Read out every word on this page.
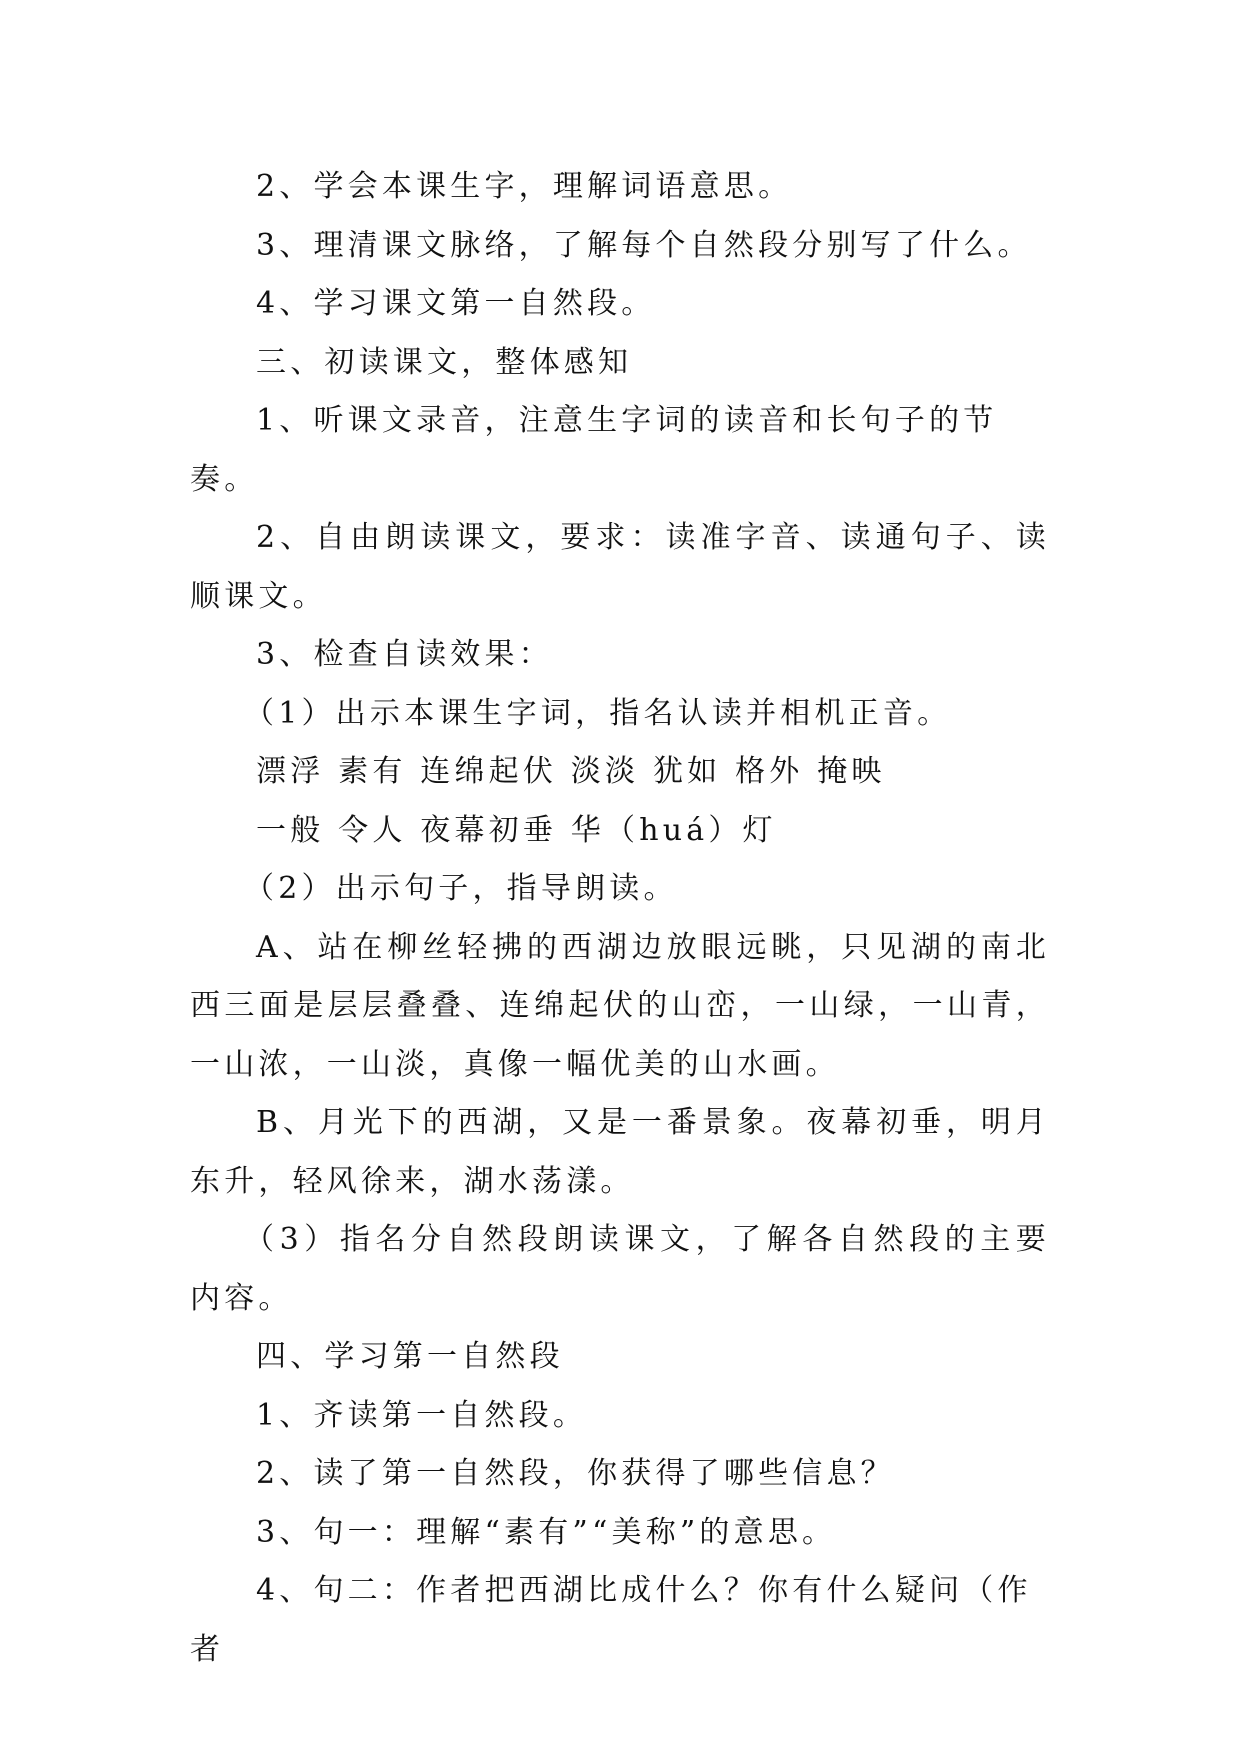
2、学会本课生字，理解词语意思。

3、理清课文脉络，了解每个自然段分别写了什么。

4、学习课文第一自然段。

三、初读课文，整体感知

1、听课文录音，注意生字词的读音和长句子的节奏。

2、自由朗读课文，要求：读准字音、读通句子、读顺课文。

3、检查自读效果：

（1）出示本课生字词，指名认读并相机正音。

漂浮 素有 连绵起伏 淡淡 犹如 格外 掩映

一般 令人 夜幕初垂 华（huá）灯

（2）出示句子，指导朗读。

A、站在柳丝轻拂的西湖边放眼远眺，只见湖的南北西三面是层层叠叠、连绵起伏的山峦，一山绿，一山青，一山浓，一山淡，真像一幅优美的山水画。

B、月光下的西湖，又是一番景象。夜幕初垂，明月东升，轻风徐来，湖水荡漾。

（3）指名分自然段朗读课文，了解各自然段的主要内容。

四、学习第一自然段

1、齐读第一自然段。

2、读了第一自然段，你获得了哪些信息？

3、句一：理解“素有”“美称”的意思。

4、句二：作者把西湖比成什么？你有什么疑问（作者
